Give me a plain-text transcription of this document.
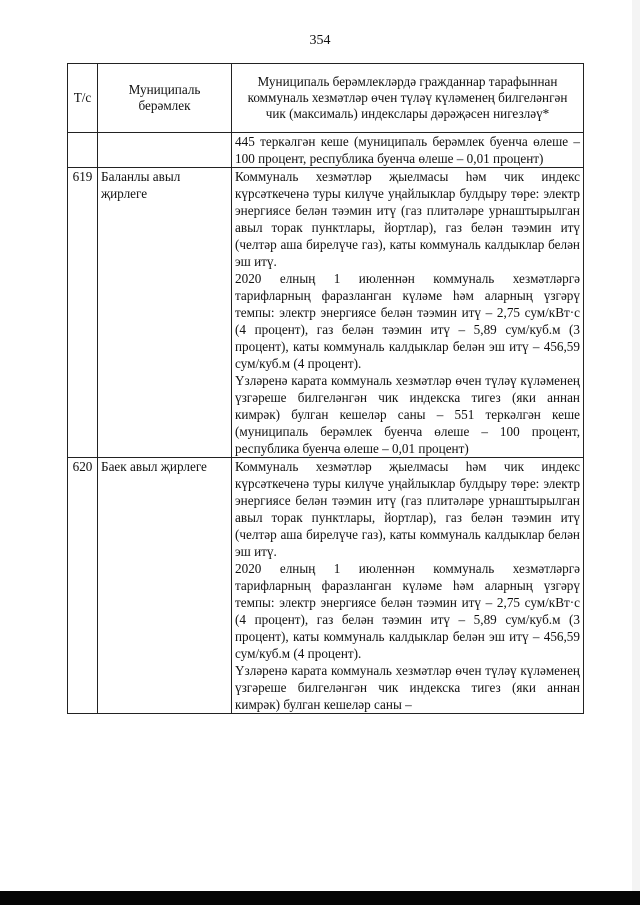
354
Т/с	Муниципаль берәмлек	Муниципаль берәмлекләрдә гражданнар тарафыннан коммуналь хезмәтләр өчен түләү күләменең билгеләнгән чик (максималь) индекслары дәрәҗәсен нигезләү*

		445 теркәлгән кеше (муниципаль берәмлек буенча өлеше – 100 процент, республика буенча өлеше – 0,01 процент)

619	Баланлы авыл җирлеге	Коммуналь хезмәтләр җыелмасы һәм чик индекс күрсәткеченә туры килүче уңайлыклар булдыру төре: электр энергиясе белән тәэмин итү (газ плитәләре урнаштырылган авыл торак пунктлары, йортлар), газ белән тәэмин итү (челтәр аша бирелүче газ), каты коммуналь калдыклар белән эш итү.

2020 елның 1 июленнән коммуналь хезмәтләргә тарифларның фаразланган күләме һәм аларның үзгәрү темпы: электр энергиясе белән тәэмин итү – 2,75 сум/кВт·с (4 процент), газ белән тәэмин итү – 5,89 сум/куб.м (3 процент), каты коммуналь калдыклар белән эш итү – 456,59 сум/куб.м (4 процент).

Үзләренә карата коммуналь хезмәтләр өчен түләү күләменең үзгәреше билгеләнгән чик индекска тигез (яки аннан кимрәк) булган кешеләр саны – 551 теркәлгән кеше (муниципаль берәмлек буенча өлеше – 100 процент, республика буенча өлеше – 0,01 процент)

620	Баек авыл җирлеге	Коммуналь хезмәтләр җыелмасы һәм чик индекс күрсәткеченә туры килүче уңайлыклар булдыру төре: электр энергиясе белән тәэмин итү (газ плитәләре урнаштырылган авыл торак пунктлары, йортлар), газ белән тәэмин итү (челтәр аша бирелүче газ), каты коммуналь калдыклар белән эш итү.

2020 елның 1 июленнән коммуналь хезмәтләргә тарифларның фаразланган күләме һәм аларның үзгәрү темпы: электр энергиясе белән тәэмин итү – 2,75 сум/кВт·с (4 процент), газ белән тәэмин итү – 5,89 сум/куб.м (3 процент), каты коммуналь калдыклар белән эш итү – 456,59 сум/куб.м (4 процент).

Үзләренә карата коммуналь хезмәтләр өчен түләү күләменең үзгәреше билгеләнгән чик индекска тигез (яки аннан кимрәк) булган кешеләр саны –
